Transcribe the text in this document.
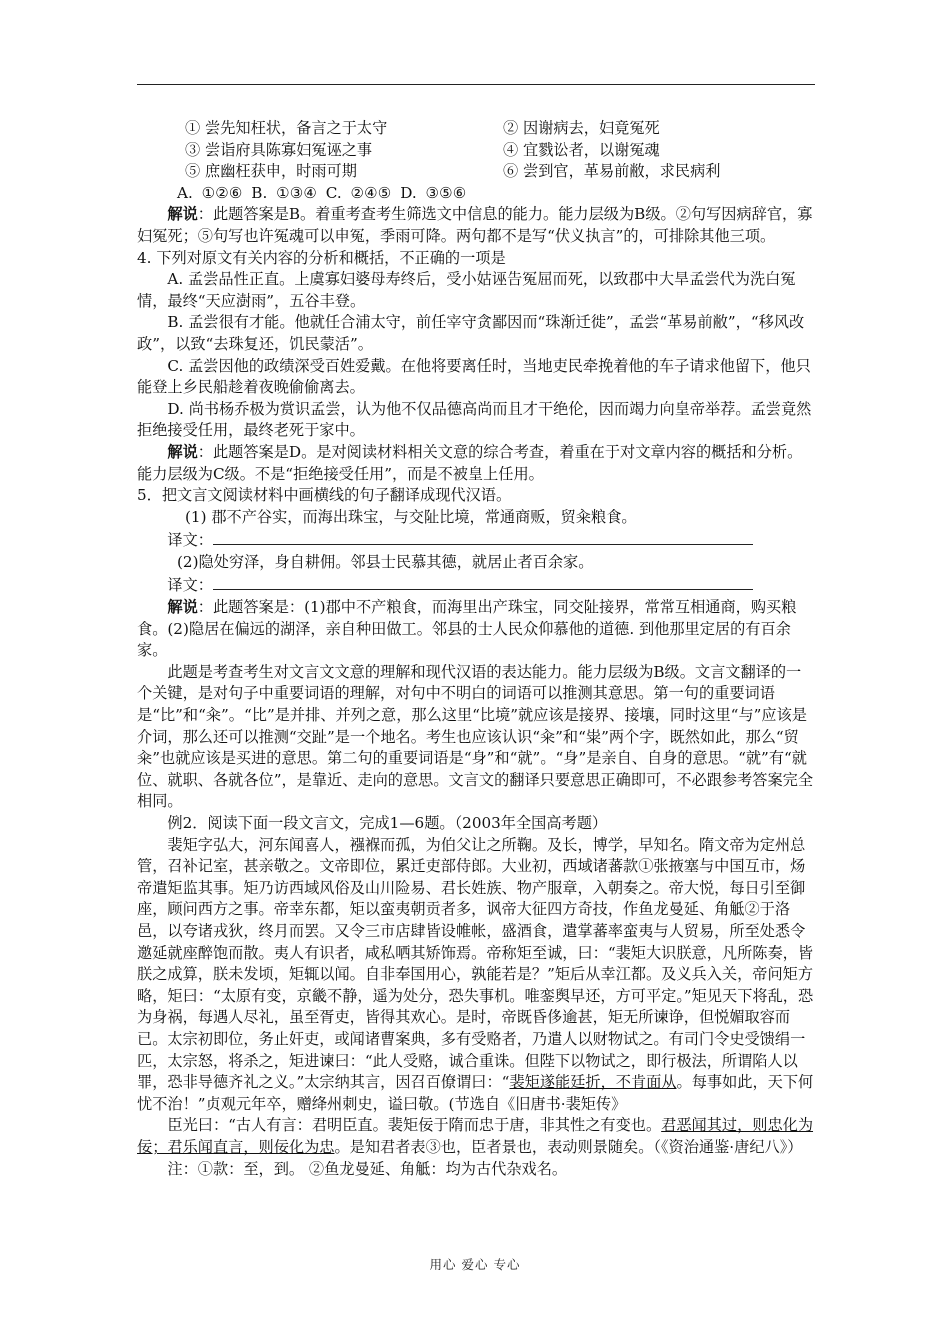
① 尝先知枉状，备言之于太守	② 因谢病去，妇竟冤死
③ 尝诣府具陈寡妇冤诬之事	④ 宜戮讼者，以谢冤魂
⑤ 庶幽枉获申，时雨可期	⑥ 尝到官，革易前敝，求民病利

A. ①②⑥ B. ①③④ C. ②④⑤ D. ③⑤⑥

解说：此题答案是B。着重考查考生筛选文中信息的能力。能力层级为B级。②句写因病辞官，寡妇冤死；⑤句写也许冤魂可以申冤，季雨可降。两句都不是写“伏义执言”的，可排除其他三项。

4. 下列对原文有关内容的分析和概括，不正确的一项是

A. 孟尝品性正直。上虞寡妇婆母寿终后，受小姑诬告冤屈而死，以致郡中大旱孟尝代为洗白冤情，最终“天应澍雨”，五谷丰登。

B. 孟尝很有才能。他就任合浦太守，前任宰守贪鄙因而“珠渐迁徙”，孟尝“革易前敝”，“移风改政”，以致“去珠复还，饥民蒙活”。

C. 孟尝因他的政绩深受百姓爱戴。在他将要离任时，当地吏民牵挽着他的车子请求他留下，他只能登上乡民船趁着夜晚偷偷离去。

D. 尚书杨乔极为赏识孟尝，认为他不仅品德高尚而且才干绝伦，因而竭力向皇帝举荐。孟尝竟然拒绝接受任用，最终老死于家中。

解说：此题答案是D。是对阅读材料相关文意的综合考查，着重在于对文章内容的概括和分析。能力层级为C级。不是“拒绝接受任用”，而是不被皇上任用。

5．把文言文阅读材料中画横线的句子翻译成现代汉语。

(1) 郡不产谷实，而海出珠宝，与交阯比境，常通商贩，贸籴粮食。

译文：

(2)隐处穷泽，身自耕佣。邻县士民慕其德，就居止者百余家。

译文：

解说：此题答案是：(1)郡中不产粮食，而海里出产珠宝，同交阯接界，常常互相通商，购买粮食。(2)隐居在偏远的湖泽，亲自种田做工。邻县的士人民众仰慕他的道德. 到他那里定居的有百余家。

此题是考查考生对文言文文意的理解和现代汉语的表达能力。能力层级为B级。文言文翻译的一个关键，是对句子中重要词语的理解，对句中不明白的词语可以推测其意思。第一句的重要词语是“比”和“籴”。“比”是并排、并列之意，那么这里“比境”就应该是接界、接壤，同时这里“与”应该是介词，那么还可以推测“交趾”是一个地名。考生也应该认识“籴”和“粜”两个字，既然如此，那么“贸籴”也就应该是买进的意思。第二句的重要词语是“身”和“就”。“身”是亲自、自身的意思。“就”有“就位、就职、各就各位”，是靠近、走向的意思。文言文的翻译只要意思正确即可，不必跟参考答案完全相同。

例2．阅读下面一段文言文，完成1—6题。（2003年全国高考题）

裴矩字弘大，河东闻喜人，襁褓而孤，为伯父让之所鞠。及长，博学，早知名。隋文帝为定州总管，召补记室，甚亲敬之。文帝即位，累迁吏部侍郎。大业初，西域诸蕃款①张掖塞与中国互市，炀帝遣矩监其事。矩乃访西域风俗及山川险易、君长姓族、物产服章，入朝奏之。帝大悦，每日引至御座，顾问西方之事。帝幸东都，矩以蛮夷朝贡者多，讽帝大征四方奇技，作鱼龙曼延、角觝②于洛邑，以夸诸戎狄，终月而罢。又令三市店肆皆设帷帐，盛酒食，遣掌蕃率蛮夷与人贸易，所至处悉令邀延就座醉饱而散。夷人有识者，咸私哂其矫饰焉。帝称矩至诚，曰：“裴矩大识朕意，凡所陈奏，皆朕之成算，朕未发顷，矩辄以闻。自非奉国用心，孰能若是？”矩后从幸江都。及义兵入关，帝问矩方略，矩曰：“太原有变，京畿不静，遥为处分，恐失事机。唯銮舆早还，方可平定。”矩见天下将乱，恐为身祸，每遇人尽礼，虽至胥吏，皆得其欢心。是时，帝既昏侈逾甚，矩无所谏诤，但悦媚取容而已。太宗初即位，务止奸吏，或闻诸曹案典，多有受赂者，乃遣人以财物试之。有司门令史受馈绢一匹，太宗怒，将杀之，矩进谏曰：“此人受赂，诚合重诛。但陛下以物试之，即行极法，所谓陷人以罪，恐非导德齐礼之义。”太宗纳其言，因召百僚谓曰：“裴矩遂能廷折，不肯面从。每事如此，天下何忧不治！”贞观元年卒，赠绛州刺史，谥曰敬。(节选自《旧唐书·裴矩传》

臣光曰：“古人有言：君明臣直。裴矩佞于隋而忠于唐，非其性之有变也。君恶闻其过，则忠化为佞；君乐闻直言，则佞化为忠。是知君者表③也，臣者景也，表动则景随矣。（《资治通鉴·唐纪八》）

注：①款：至，到。 ②鱼龙曼延、角觝：均为古代杂戏名。

用心 爱心 专心
